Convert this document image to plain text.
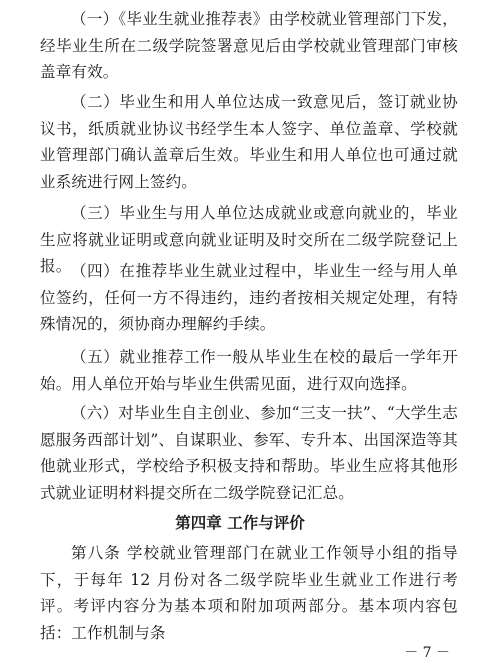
（一）《毕业生就业推荐表》由学校就业管理部门下发，经毕业生所在二级学院签署意见后由学校就业管理部门审核盖章有效。

（二）毕业生和用人单位达成一致意见后，签订就业协议书，纸质就业协议书经学生本人签字、单位盖章、学校就业管理部门确认盖章后生效。毕业生和用人单位也可通过就业系统进行网上签约。

（三）毕业生与用人单位达成就业或意向就业的，毕业生应将就业证明或意向就业证明及时交所在二级学院登记上报。 （四）在推荐毕业生就业过程中，毕业生一经与用人单位签约，任何一方不得违约，违约者按相关规定处理，有特殊情况的，须协商办理解约手续。

（五）就业推荐工作一般从毕业生在校的最后一学年开始。用人单位开始与毕业生供需见面，进行双向选择。

（六）对毕业生自主创业、参加“三支一扶”、“大学生志愿服务西部计划”、自谋职业、参军、专升本、出国深造等其他就业形式，学校给予积极支持和帮助。毕业生应将其他形式就业证明材料提交所在二级学院登记汇总。

第四章 工作与评价

第八条 学校就业管理部门在就业工作领导小组的指导下，于每年 12 月份对各二级学院毕业生就业工作进行考评。考评内容分为基本项和附加项两部分。基本项内容包括：工作机制与条

－ 7 －
